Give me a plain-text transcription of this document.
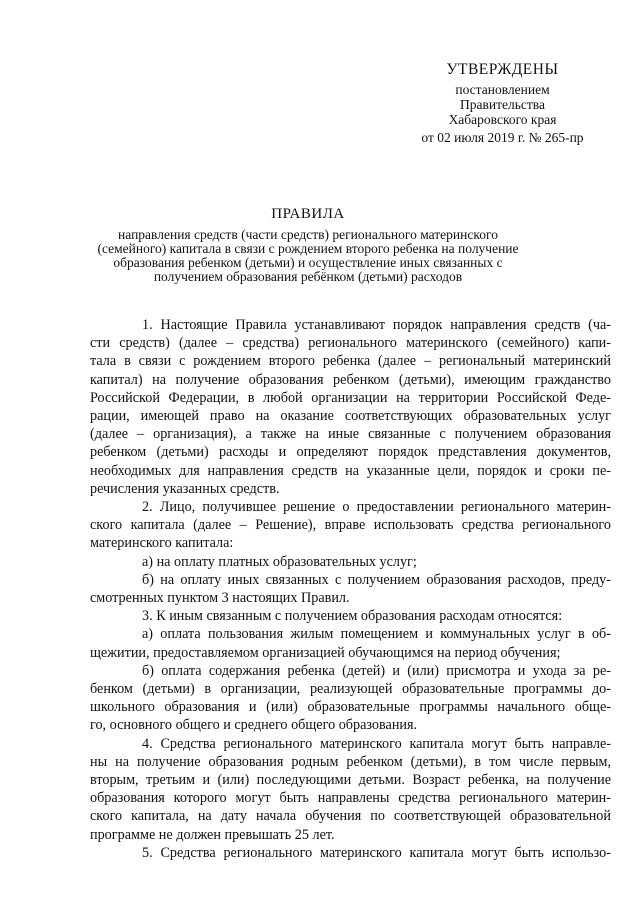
УТВЕРЖДЕНЫ
постановлением
Правительства
Хабаровского края
от 02 июля 2019 г. № 265-пр
ПРАВИЛА
направления средств (части средств) регионального материнского
(семейного) капитала в связи с рождением второго ребенка на получение
образования ребенком (детьми) и осуществление иных связанных с
получением образования ребёнком (детьми) расходов
1. Настоящие Правила устанавливают порядок направления средств (ча-
сти средств) (далее – средства) регионального материнского (семейного) капи-
тала в связи с рождением второго ребенка (далее – региональный материнский
капитал) на получение образования ребенком (детьми), имеющим гражданство
Российской Федерации, в любой организации на территории Российской Феде-
рации, имеющей право на оказание соответствующих образовательных услуг
(далее – организация), а также на иные связанные с получением образования
ребенком (детьми) расходы и определяют порядок представления документов,
необходимых для направления средств на указанные цели, порядок и сроки пе-
речисления указанных средств.
2. Лицо, получившее решение о предоставлении регионального материн-
ского капитала (далее – Решение), вправе использовать средства регионального
материнского капитала:
а) на оплату платных образовательных услуг;
б) на оплату иных связанных с получением образования расходов, преду-
смотренных пунктом 3 настоящих Правил.
3. К иным связанным с получением образования расходам относятся:
а) оплата пользования жилым помещением и коммунальных услуг в об-
щежитии, предоставляемом организацией обучающимся на период обучения;
б) оплата содержания ребенка (детей) и (или) присмотра и ухода за ре-
бенком (детьми) в организации, реализующей образовательные программы до-
школьного образования и (или) образовательные программы начального обще-
го, основного общего и среднего общего образования.
4. Средства регионального материнского капитала могут быть направле-
ны на получение образования родным ребенком (детьми), в том числе первым,
вторым, третьим и (или) последующими детьми. Возраст ребенка, на получение
образования которого могут быть направлены средства регионального материн-
ского капитала, на дату начала обучения по соответствующей образовательной
программе не должен превышать 25 лет.
5. Средства регионального материнского капитала могут быть использо-
